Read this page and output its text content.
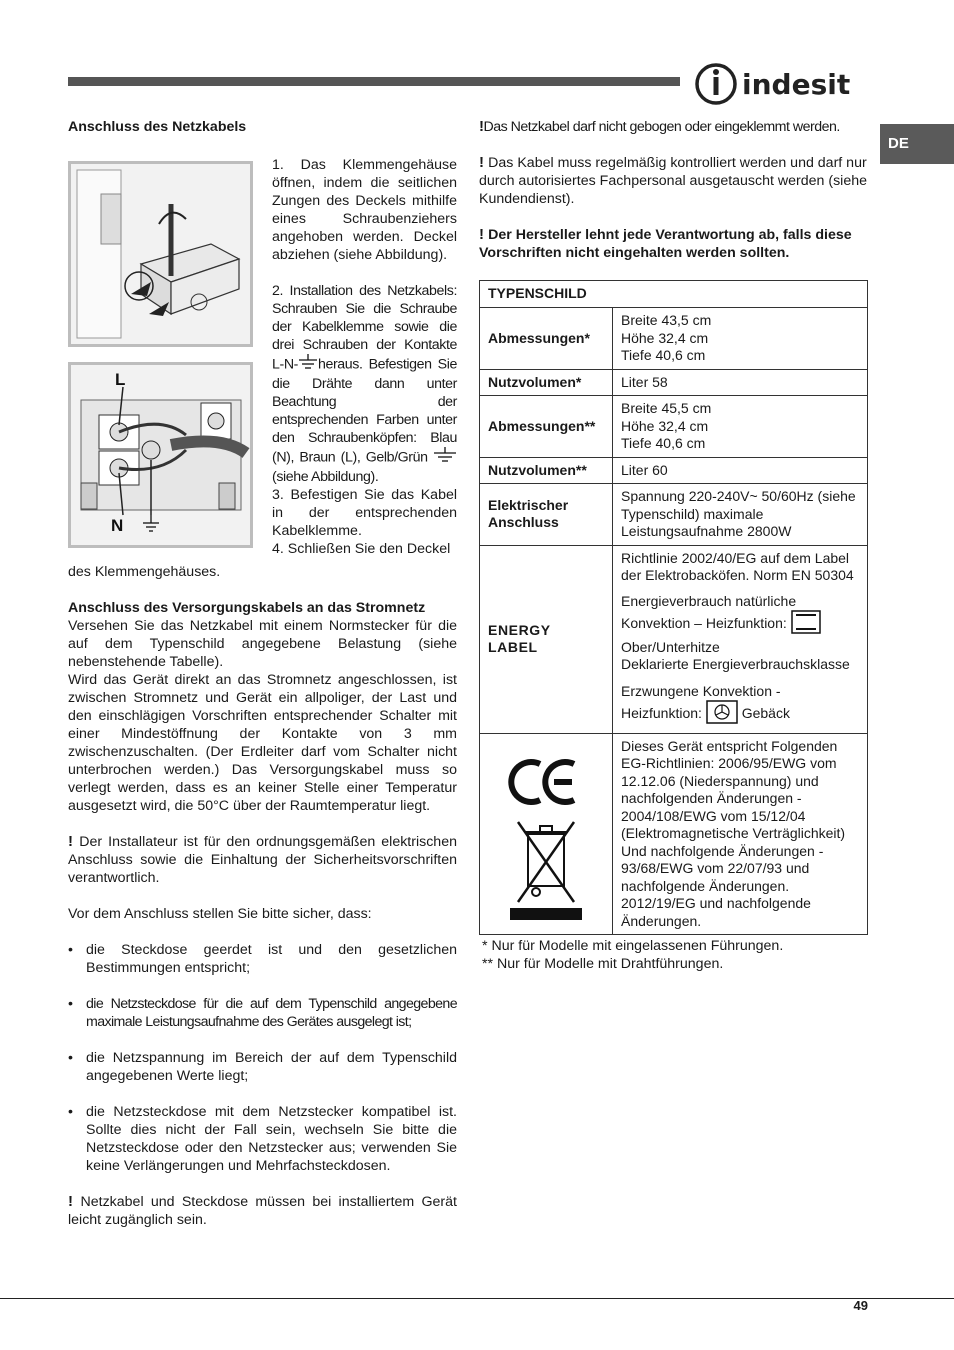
indesit
DE

Anschluss des Netzkabels

L
N

1. Das Klemmengehäuse öffnen, indem die seitlichen Zungen des Deckels mithilfe eines Schraubenziehers angehoben werden. Deckel abziehen (siehe Abbildung).

2. Installation des Netzkabels: Schrauben Sie die Schraube der Kabelklemme sowie die drei Schrauben der Kontakte L-N- heraus. Befestigen Sie die Drähte dann unter Beachtung der entsprechenden Farben unter den Schraubenköpfen: Blau (N), Braun (L), Gelb/Grün  (siehe Abbildung).

3. Befestigen Sie das Kabel in der entsprechenden Kabelklemme.

4. Schließen Sie den Deckel

des Klemmengehäuses.

Anschluss des Versorgungskabels an das Stromnetz

Versehen Sie das Netzkabel mit einem Normstecker für die auf dem Typenschild angegebene Belastung (siehe nebenstehende Tabelle).

Wird das Gerät direkt an das Stromnetz angeschlossen, ist zwischen Stromnetz und Gerät ein allpoliger, der Last und den einschlägigen Vorschriften entsprechender Schalter mit einer Mindestöffnung der Kontakte von 3 mm zwischenzuschalten. (Der Erdleiter darf vom Schalter nicht unterbrochen werden.) Das Versorgungskabel muss so verlegt werden, dass es an keiner Stelle einer Temperatur ausgesetzt wird, die 50°C über der Raumtemperatur liegt.

! Der Installateur ist für den ordnungsgemäßen elektrischen Anschluss sowie die Einhaltung der Sicherheitsvorschriften verantwortlich.

Vor dem Anschluss stellen Sie bitte sicher, dass:

• die Steckdose geerdet ist und den gesetzlichen Bestimmungen entspricht;

• die Netzsteckdose für die auf dem Typenschild angegebene maximale Leistungsaufnahme des Gerätes ausgelegt ist;

• die Netzspannung im Bereich der auf dem Typenschild angegebenen Werte liegt;

• die Netzsteckdose mit dem Netzstecker kompatibel ist. Sollte dies nicht der Fall sein, wechseln Sie bitte die Netzsteckdose oder den Netzstecker aus; verwenden Sie keine Verlängerungen und Mehrfachsteckdosen.

! Netzkabel und Steckdose müssen bei installiertem Gerät leicht zugänglich sein.

!Das Netzkabel darf nicht gebogen oder eingeklemmt werden.

! Das Kabel muss regelmäßig kontrolliert werden und darf nur durch autorisiertes Fachpersonal ausgetauscht werden (siehe Kundendienst).

! Der Hersteller lehnt jede Verantwortung ab, falls diese Vorschriften nicht eingehalten werden sollten.

TYPENSCHILD	
Abmessungen*	Breite 43,5 cm
Höhe 32,4 cm
Tiefe 40,6 cm

Nutzvolumen*	Liter 58
Abmessungen**	Breite 45,5 cm
Höhe 32,4 cm
Tiefe 40,6 cm

Nutzvolumen**	Liter 60
Elektrischer Anschluss	Spannung 220-240V~ 50/60Hz (siehe Typenschild) maximale Leistungsaufnahme 2800W
ENERGY LABEL	Richtlinie 2002/40/EG auf dem Label der Elektrobacköfen. Norm EN 50304

Energieverbrauch natürliche Konvektion – Heizfunktion:
Ober/Unterhitze
Deklarierte Energieverbrauchsklasse

Erzwungene Konvektion - Heizfunktion: Gebäck

	Dieses Gerät entspricht Folgenden EG-Richtlinien: 2006/95/EWG vom 12.12.06 (Niederspannung) und nachfolgenden Änderungen - 2004/108/EWG vom 15/12/04 (Elektromagnetische Verträglichkeit) Und nachfolgende Änderungen - 93/68/EWG vom 22/07/93 und nachfolgende Änderungen. 2012/19/EG und nachfolgende Änderungen.

* Nur für Modelle mit eingelassenen Führungen.

** Nur für Modelle mit Drahtführungen.

49
